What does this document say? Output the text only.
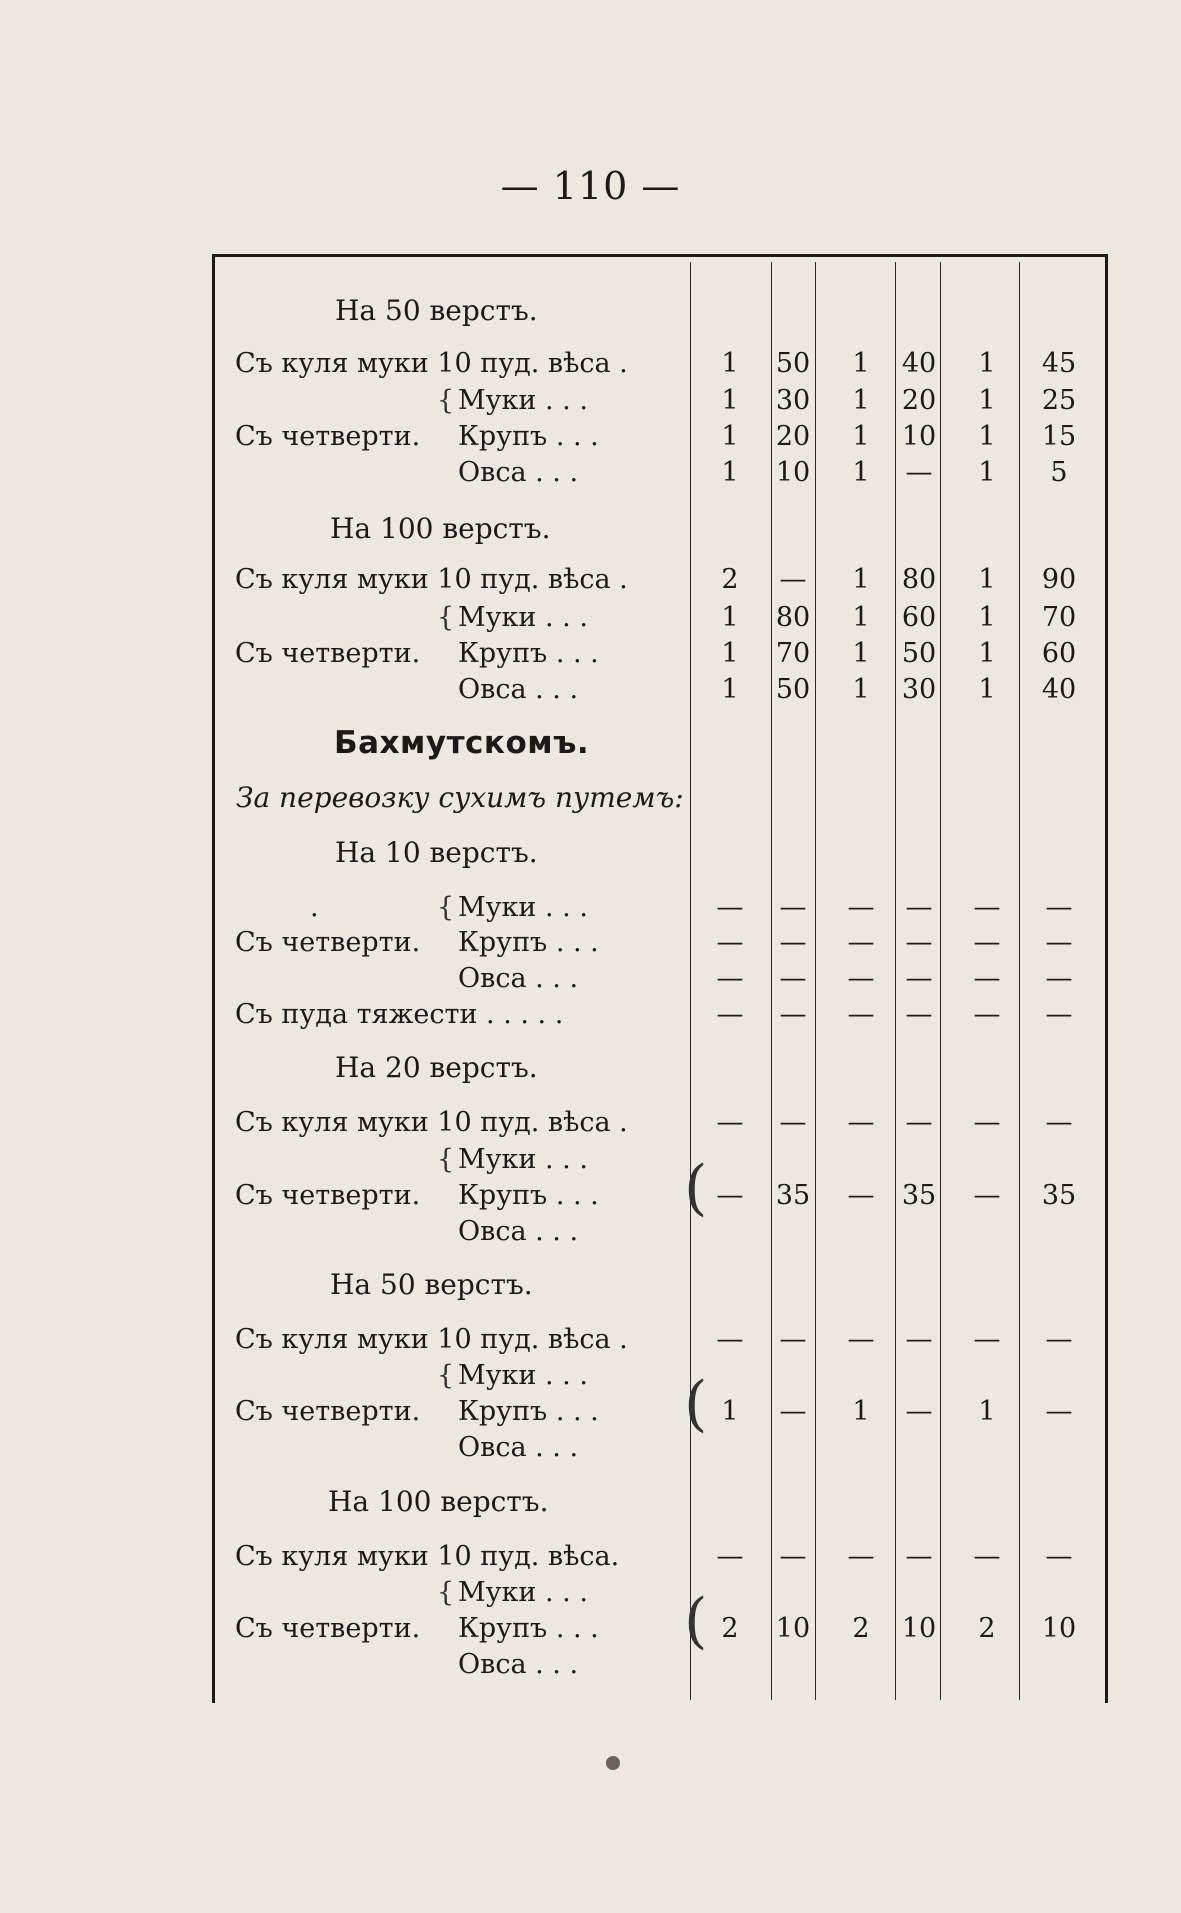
— 110 —
На 50 верстъ.
Съ куля муки 10 пуд. вѣса .	1	50	1	40	1	45
{ Муки . . .	1	30	1	20	1	25
Съ четверти. Крупъ . . .	1	20	1	10	1	15
Овса . . .	1	10	1	—	1	5
На 100 верстъ.
Съ куля муки 10 пуд. вѣса .	2	—	1	80	1	90
{ Муки . . .	1	80	1	60	1	70
Съ четверти. Крупъ . . .	1	70	1	50	1	60
Овса . . .	1	50	1	30	1	40
Бахмутскомъ.
За перевозку сухимъ путемъ:
На 10 верстъ.
.	{ Муки . . .	—	—	—	—	—	—
Съ четверти. Крупъ . . .	—	—	—	—	—	—
Овса . . .	—	—	—	—	—	—
Съ пуда тяжести . . . . .	—	—	—	—	—	—
На 20 верстъ.
Съ куля муки 10 пуд. вѣса .	—	—	—	—	—	—
{ Муки . . .
Съ четверти. Крупъ . . .	—	35	—	35	—	35
Овса . . .
(
На 50 верстъ.
Съ куля муки 10 пуд. вѣса .	—	—	—	—	—	—
{ Муки . . .
Съ четверти. Крупъ . . .	1	—	1	—	1	—
Овса . . .
(
На 100 верстъ.
Съ куля муки 10 пуд. вѣса.	—	—	—	—	—	—
{ Муки . . .
Съ четверти. Крупъ . . .	2	10	2	10	2	10
Овса . . .
(
